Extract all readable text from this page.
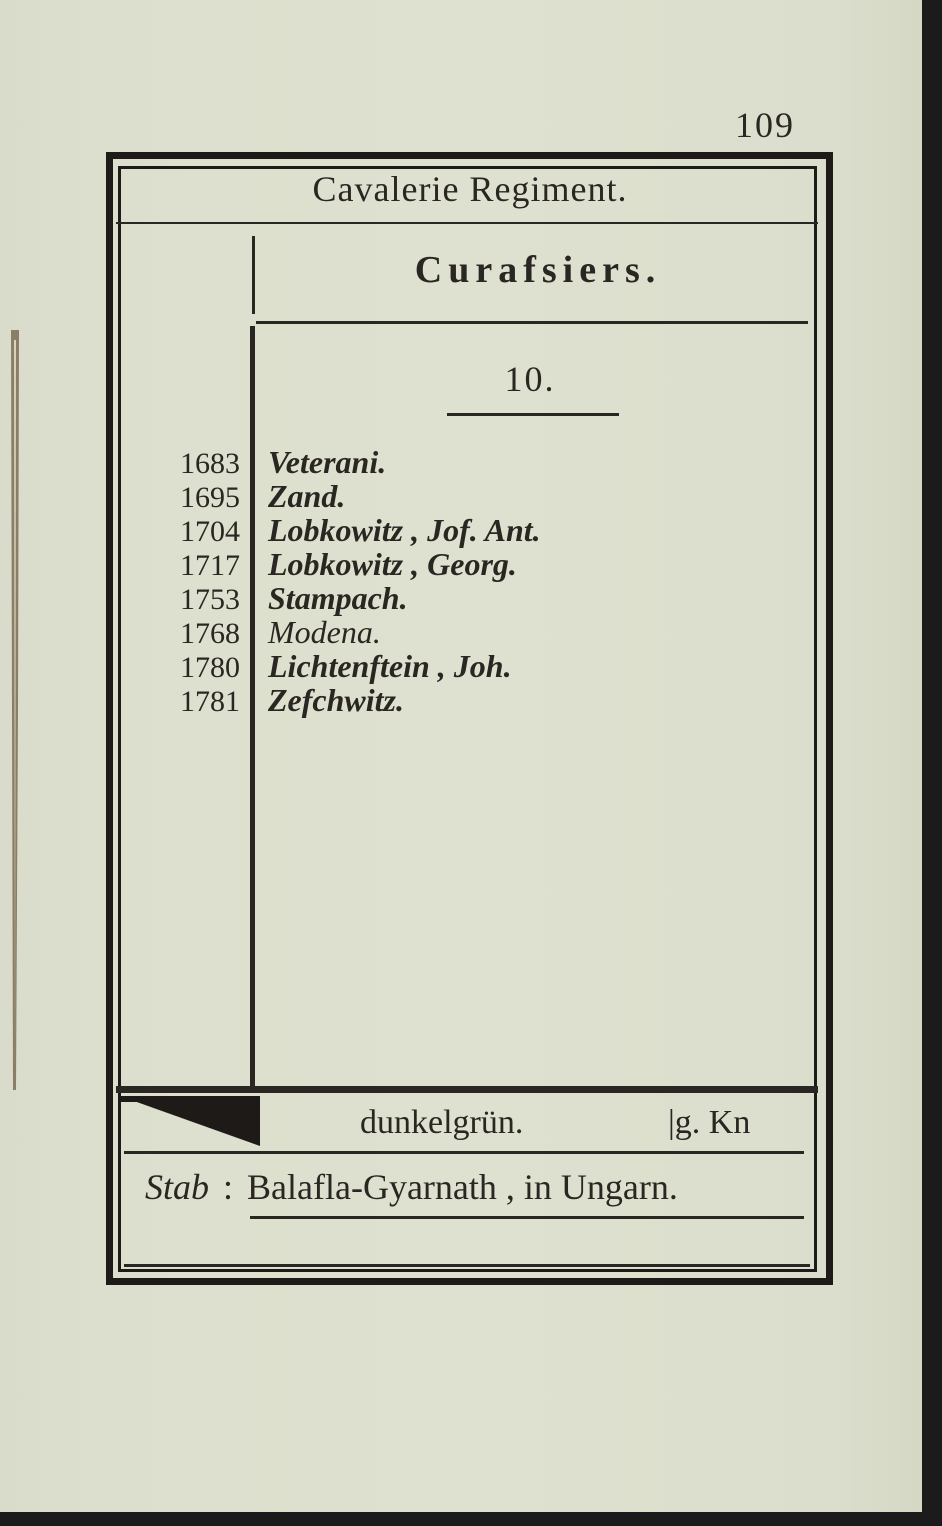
109
Cavalerie Regiment.
Curafsiers.
10.
1683
1695
1704
1717
1753
1768
1780
1781
Veterani.
Zand.
Lobkowitz , Jof. Ant.
Lobkowitz , Georg.
Stampach.
Modena.
Lichtenftein , Joh.
Zefchwitz.
dunkelgrün.	|g. Kn
Stab : Balafla-Gyarnath , in Ungarn.
